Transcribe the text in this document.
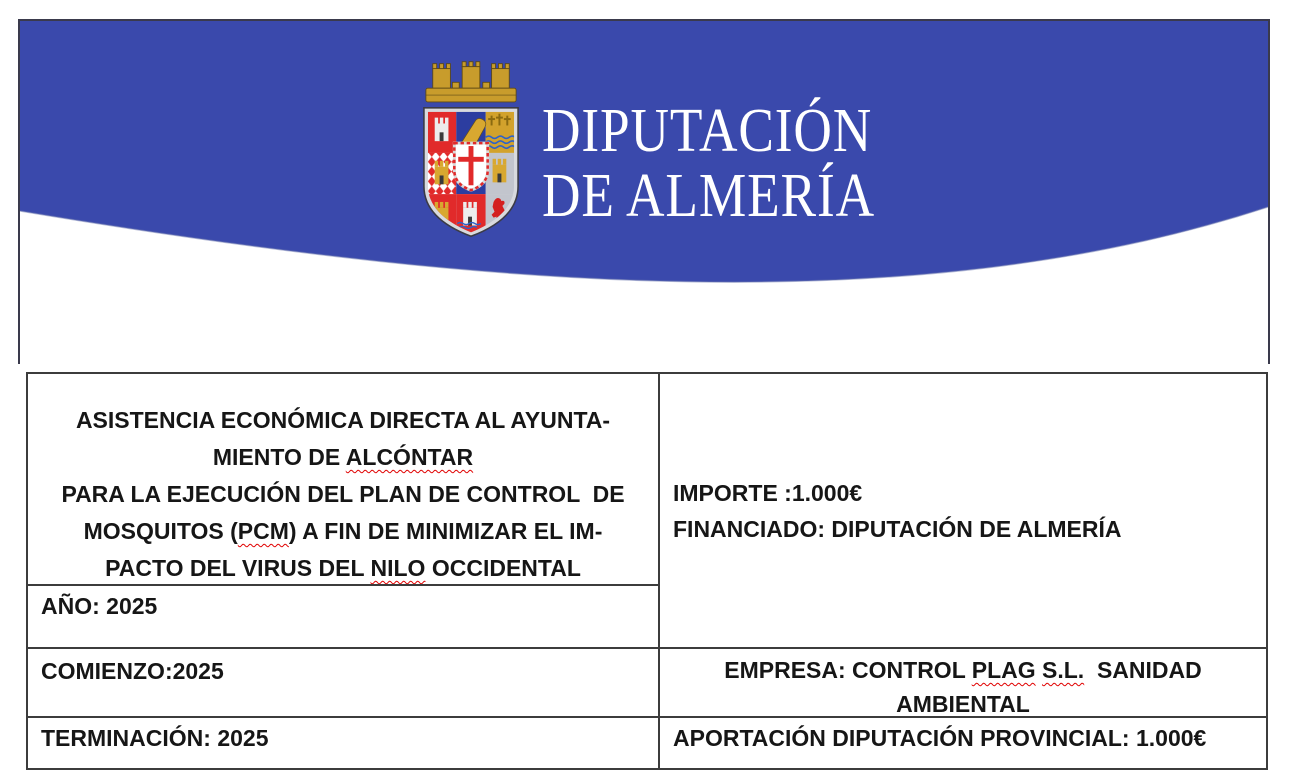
DIPUTACIÓN
DE ALMERÍA
ASISTENCIA ECONÓMICA DIRECTA AL AYUNTA-
MIENTO DE ALCÓNTAR
PARA LA EJECUCIÓN DEL PLAN DE CONTROL  DE
MOSQUITOS (PCM) A FIN DE MINIMIZAR EL IM-
PACTO DEL VIRUS DEL NILO OCCIDENTAL
IMPORTE :1.000€
FINANCIADO: DIPUTACIÓN DE ALMERÍA
AÑO: 2025
COMIENZO:2025	EMPRESA: CONTROL PLAG S.L.  SANIDAD
AMBIENTAL
TERMINACIÓN: 2025	APORTACIÓN DIPUTACIÓN PROVINCIAL: 1.000€
